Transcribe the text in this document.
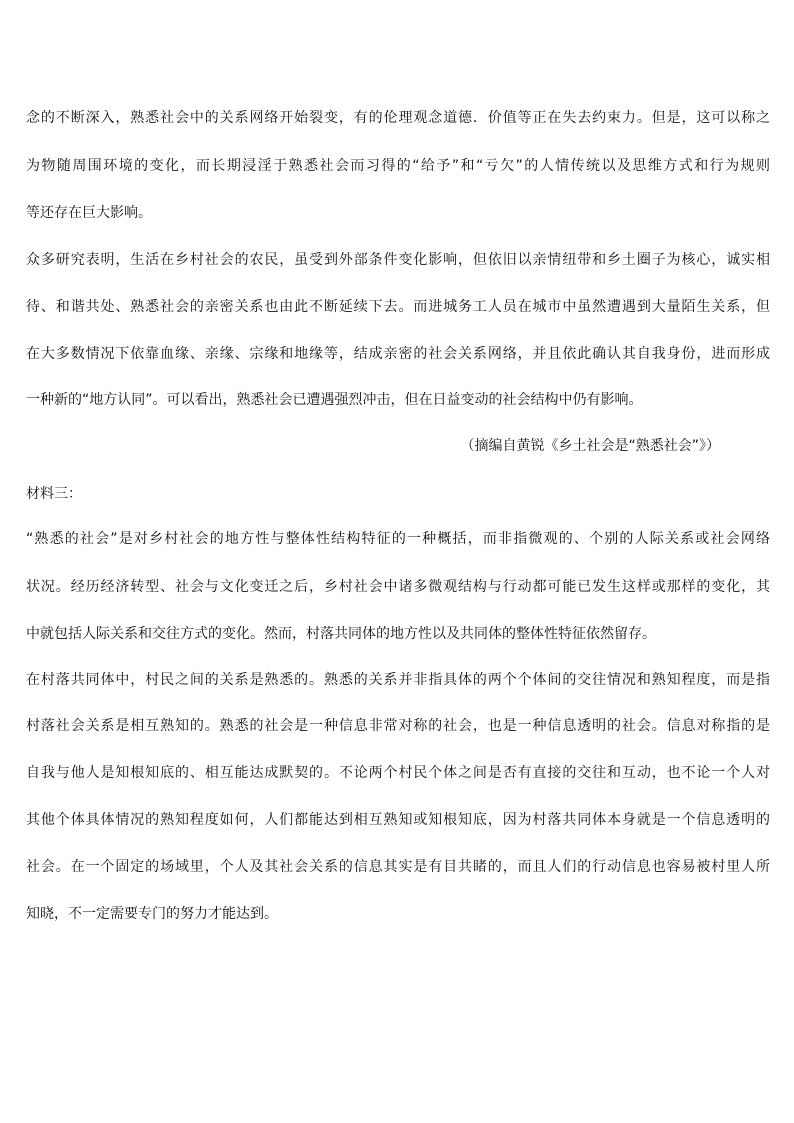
念的不断深入，熟悉社会中的关系网络开始裂变，有的伦理观念道德．价值等正在失去约束力。但是，这可以称之
为物随周围环境的变化，而长期浸淫于熟悉社会而习得的“给予”和“亏欠”的人情传统以及思维方式和行为规则
等还存在巨大影响。
众多研究表明，生活在乡村社会的农民，虽受到外部条件变化影响，但依旧以亲情纽带和乡土圈子为核心，诚实相
待、和谐共处、熟悉社会的亲密关系也由此不断延续下去。而进城务工人员在城市中虽然遭遇到大量陌生关系，但
在大多数情况下依靠血缘、亲缘、宗缘和地缘等，结成亲密的社会关系网络，并且依此确认其自我身份，进而形成
一种新的“地方认同”。可以看出，熟悉社会已遭遇强烈冲击，但在日益变动的社会结构中仍有影响。
（摘编自黄锐《乡土社会是“熟悉社会”》）
材料三：
“熟悉的社会”是对乡村社会的地方性与整体性结构特征的一种概括，而非指微观的、个别的人际关系或社会网络
状况。经历经济转型、社会与文化变迁之后，乡村社会中诸多微观结构与行动都可能已发生这样或那样的变化，其
中就包括人际关系和交往方式的变化。然而，村落共同体的地方性以及共同体的整体性特征依然留存。
在村落共同体中，村民之间的关系是熟悉的。熟悉的关系并非指具体的两个个体间的交往情况和熟知程度，而是指
村落社会关系是相互熟知的。熟悉的社会是一种信息非常对称的社会，也是一种信息透明的社会。信息对称指的是
自我与他人是知根知底的、相互能达成默契的。不论两个村民个体之间是否有直接的交往和互动，也不论一个人对
其他个体具体情况的熟知程度如何，人们都能达到相互熟知或知根知底，因为村落共同体本身就是一个信息透明的
社会。在一个固定的场域里，个人及其社会关系的信息其实是有目共睹的，而且人们的行动信息也容易被村里人所
知晓，不一定需要专门的努力才能达到。
